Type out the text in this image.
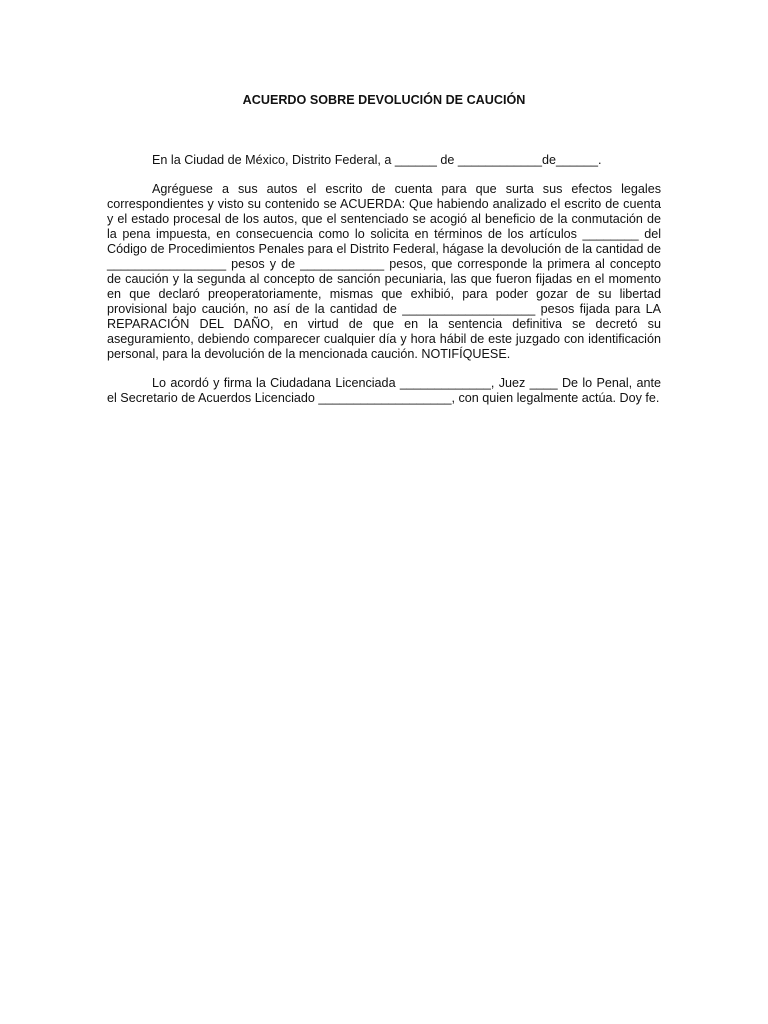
ACUERDO SOBRE DEVOLUCIÓN DE CAUCIÓN

En la Ciudad de México, Distrito Federal, a ______ de ____________de______.

Agréguese a sus autos el escrito de cuenta para que surta sus efectos legales correspondientes y visto su contenido se ACUERDA: Que habiendo analizado el escrito de cuenta y el estado procesal de los autos, que el sentenciado se acogió al beneficio de la conmutación de la pena impuesta, en consecuencia como lo solicita en términos de los artículos ________ del Código de Procedimientos Penales para el Distrito Federal, hágase la devolución de la cantidad de _________________ pesos y de ____________ pesos, que corresponde la primera al concepto de caución y la segunda al concepto de sanción pecuniaria, las que fueron fijadas en el momento en que declaró preoperatoriamente, mismas que exhibió, para poder gozar de su libertad provisional bajo caución, no así de la cantidad de ___________________ pesos fijada para LA REPARACIÓN DEL DAÑO, en virtud de que en la sentencia definitiva se decretó su aseguramiento, debiendo comparecer cualquier día y hora hábil de este juzgado con identificación personal, para la devolución de la mencionada caución. NOTIFÍQUESE.

Lo acordó y firma la Ciudadana Licenciada _____________, Juez ____ De lo Penal, ante el Secretario de Acuerdos Licenciado ___________________, con quien legalmente actúa. Doy fe.
